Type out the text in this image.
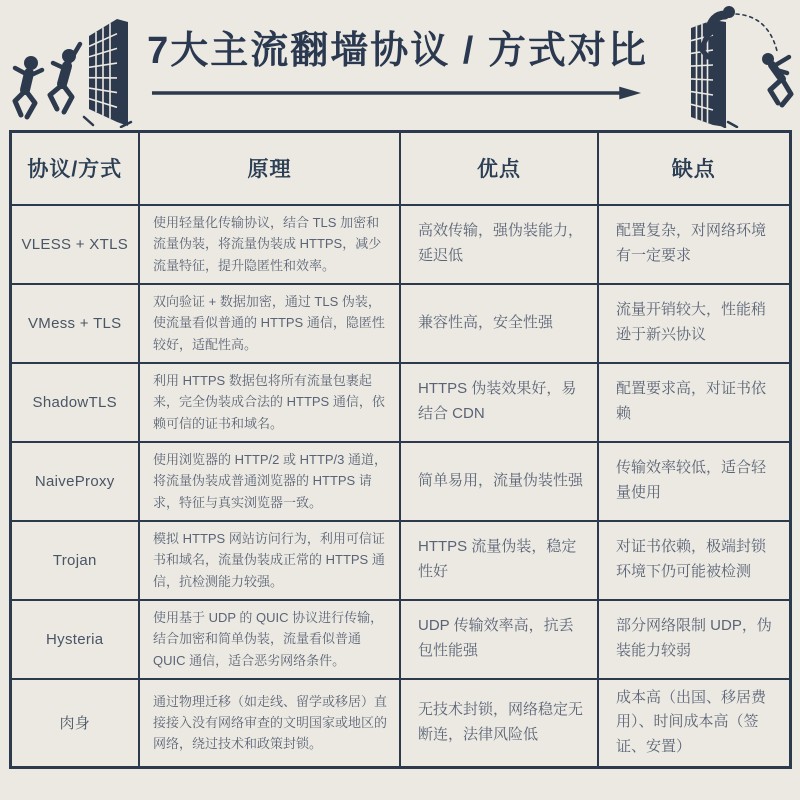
7大主流翻墙协议 / 方式对比
协议/方式	原理	优点	缺点
VLESS + XTLS	使用轻量化传输协议，结合 TLS 加密和流量伪装，将流量伪装成 HTTPS，减少流量特征，提升隐匿性和效率。	高效传输，强伪装能力，延迟低	配置复杂，对网络环境有一定要求
VMess + TLS	双向验证 + 数据加密，通过 TLS 伪装，使流量看似普通的 HTTPS 通信，隐匿性较好，适配性高。	兼容性高，安全性强	流量开销较大，性能稍逊于新兴协议
ShadowTLS	利用 HTTPS 数据包将所有流量包裹起来，完全伪装成合法的 HTTPS 通信，依赖可信的证书和域名。	HTTPS 伪装效果好，易结合 CDN	配置要求高，对证书依赖
NaiveProxy	使用浏览器的 HTTP/2 或 HTTP/3 通道，将流量伪装成普通浏览器的 HTTPS 请求，特征与真实浏览器一致。	简单易用，流量伪装性强	传输效率较低，适合轻量使用
Trojan	模拟 HTTPS 网站访问行为，利用可信证书和域名，流量伪装成正常的 HTTPS 通信，抗检测能力较强。	HTTPS 流量伪装，稳定性好	对证书依赖，极端封锁环境下仍可能被检测
Hysteria	使用基于 UDP 的 QUIC 协议进行传输，结合加密和简单伪装，流量看似普通 QUIC 通信，适合恶劣网络条件。	UDP 传输效率高，抗丢包性能强	部分网络限制 UDP，伪装能力较弱
肉身	通过物理迁移（如走线、留学或移居）直接接入没有网络审查的文明国家或地区的网络，绕过技术和政策封锁。	无技术封锁，网络稳定无断连，法律风险低	成本高（出国、移居费用）、时间成本高（签证、安置）
